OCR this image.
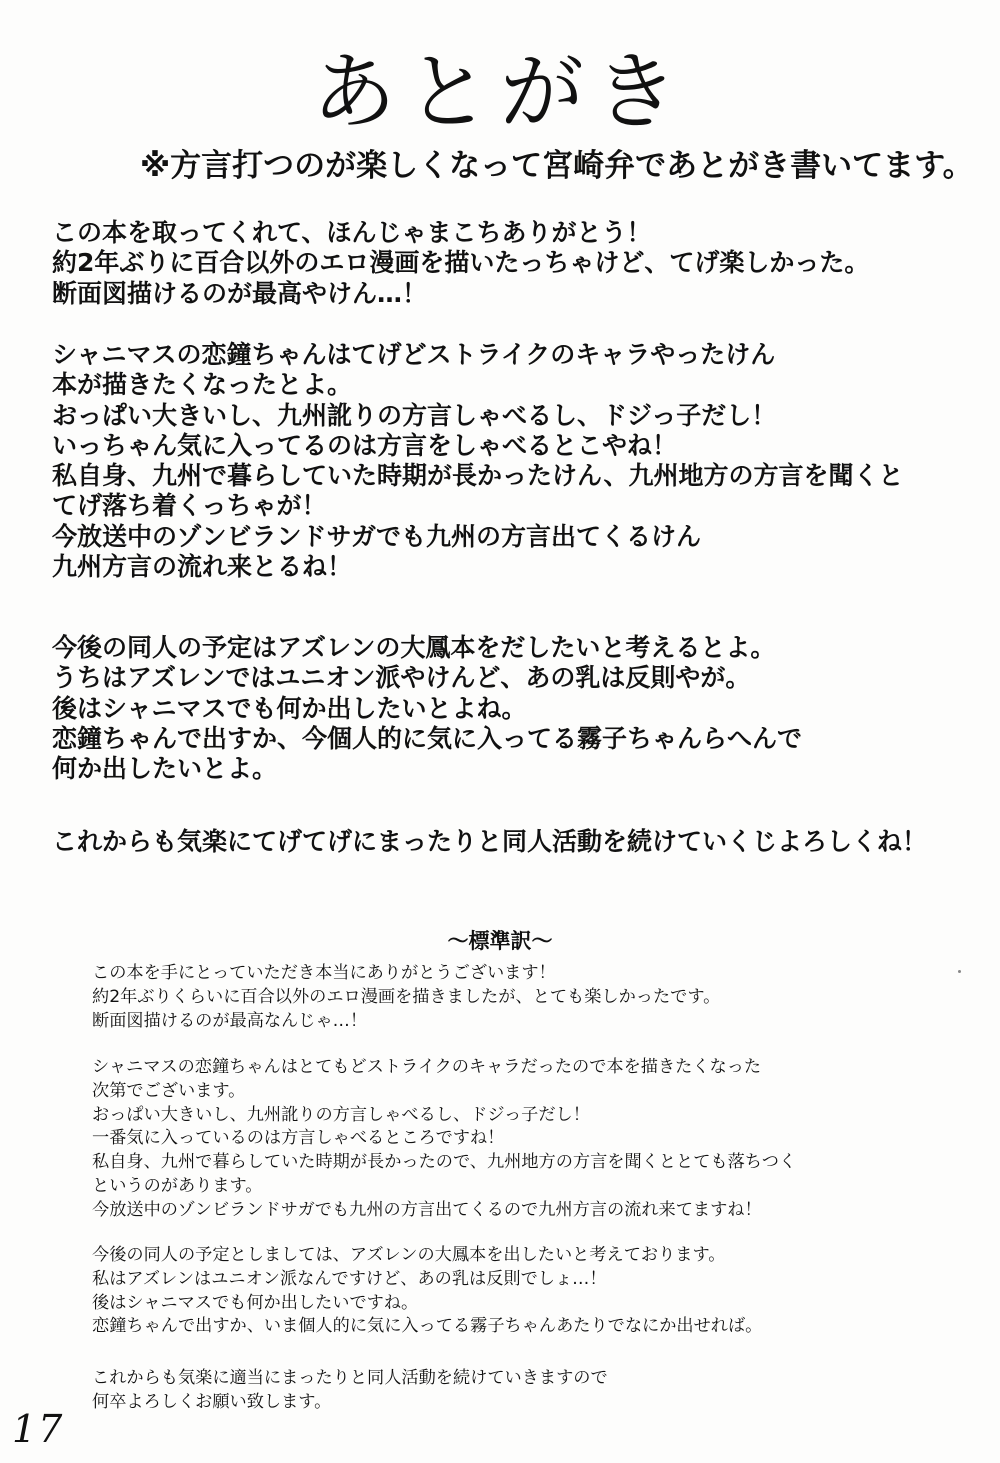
あとがき
※方言打つのが楽しくなって宮崎弁であとがき書いてます。
この本を取ってくれて、ほんじゃまこちありがとう！
約2年ぶりに百合以外のエロ漫画を描いたっちゃけど、てげ楽しかった。
断面図描けるのが最高やけん…！
シャニマスの恋鐘ちゃんはてげどストライクのキャラやったけん
本が描きたくなったとよ。
おっぱい大きいし、九州訛りの方言しゃべるし、ドジっ子だし！
いっちゃん気に入ってるのは方言をしゃべるとこやね！
私自身、九州で暮らしていた時期が長かったけん、九州地方の方言を聞くと
てげ落ち着くっちゃが！
今放送中のゾンビランドサガでも九州の方言出てくるけん
九州方言の流れ来とるね！
今後の同人の予定はアズレンの大鳳本をだしたいと考えるとよ。
うちはアズレンではユニオン派やけんど、あの乳は反則やが。
後はシャニマスでも何か出したいとよね。
恋鐘ちゃんで出すか、今個人的に気に入ってる霧子ちゃんらへんで
何か出したいとよ。
これからも気楽にてげてげにまったりと同人活動を続けていくじよろしくね！
～標準訳～
この本を手にとっていただき本当にありがとうございます！
約2年ぶりくらいに百合以外のエロ漫画を描きましたが、とても楽しかったです。
断面図描けるのが最高なんじゃ…！
シャニマスの恋鐘ちゃんはとてもどストライクのキャラだったので本を描きたくなった
次第でございます。
おっぱい大きいし、九州訛りの方言しゃべるし、ドジっ子だし！
一番気に入っているのは方言しゃべるところですね！
私自身、九州で暮らしていた時期が長かったので、九州地方の方言を聞くととても落ちつく
というのがあります。
今放送中のゾンビランドサガでも九州の方言出てくるので九州方言の流れ来てますね！
今後の同人の予定としましては、アズレンの大鳳本を出したいと考えております。
私はアズレンはユニオン派なんですけど、あの乳は反則でしょ…！
後はシャニマスでも何か出したいですね。
恋鐘ちゃんで出すか、いま個人的に気に入ってる霧子ちゃんあたりでなにか出せれば。
これからも気楽に適当にまったりと同人活動を続けていきますので
何卒よろしくお願い致します。
17
